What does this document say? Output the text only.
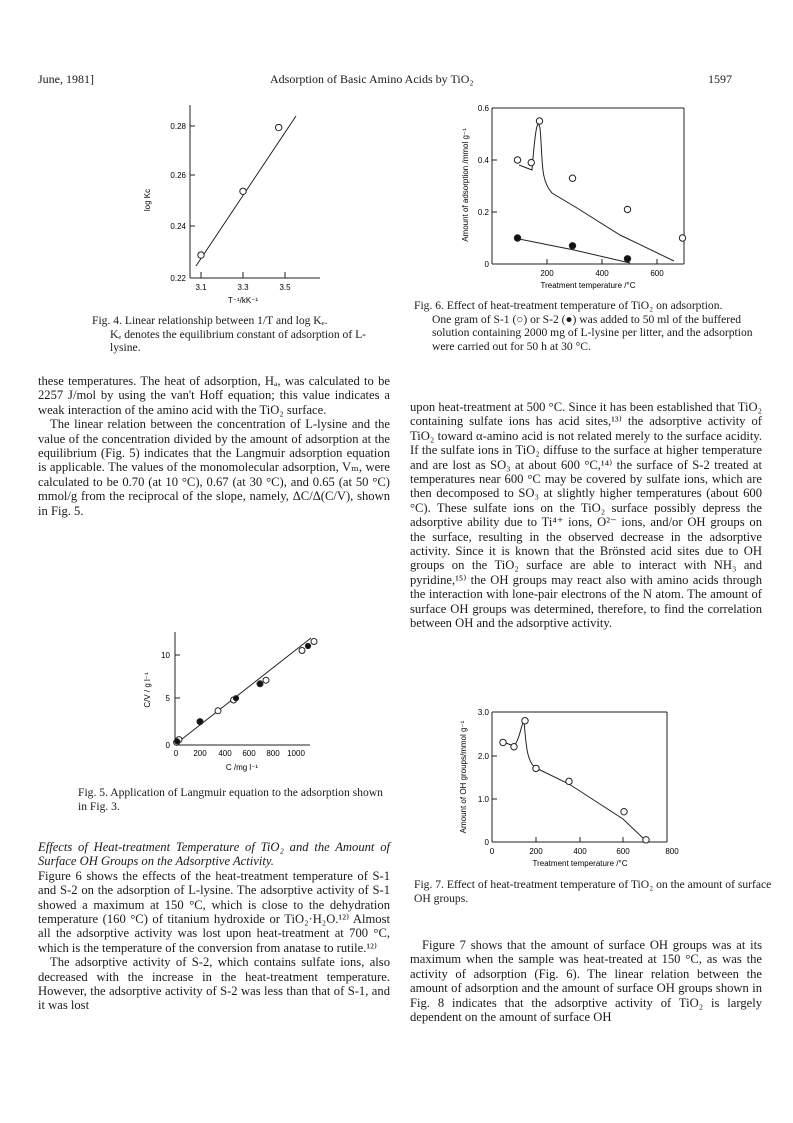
June, 1981]	Adsorption of Basic Amino Acids by TiO₂	1597
0.28
0.26
0.24
0.22
3.1	3.3	3.5
T⁻¹/kK⁻¹
log Kc

Fig. 4. Linear relationship between 1/T and log Kₑ.

Kₑ denotes the equilibrium constant of adsorption of L-lysine.

these temperatures. The heat of adsorption, Hₐ, was calculated to be 2257 J/mol by using the van't Hoff equation; this value indicates a weak interaction of the amino acid with the TiO₂ surface.

The linear relation between the concentration of L-lysine and the value of the concentration divided by the amount of adsorption at the equilibrium (Fig. 5) indicates that the Langmuir adsorption equation is applicable. The values of the monomolecular adsorption, Vₘ, were calculated to be 0.70 (at 10 °C), 0.67 (at 30 °C), and 0.65 (at 50 °C) mmol/g from the reciprocal of the slope, namely, ΔC/Δ(C/V), shown in Fig. 5.

10
5
0
0 200 400 600 800 1000
C /mg l⁻¹
C/V / g l⁻¹

Fig. 5. Application of Langmuir equation to the adsorption shown in Fig. 3.

Effects of Heat-treatment Temperature of TiO₂ and the Amount of Surface OH Groups on the Adsorptive Activity.

Figure 6 shows the effects of the heat-treatment temperature of S-1 and S-2 on the adsorption of L-lysine. The adsorptive activity of S-1 showed a maximum at 150 °C, which is close to the dehydration temperature (160 °C) of titanium hydroxide or TiO₂·H₂O.¹²⁾ Almost all the adsorptive activity was lost upon heat-treatment at 700 °C, which is the temperature of the conversion from anatase to rutile.¹²⁾

The adsorptive activity of S-2, which contains sulfate ions, also decreased with the increase in the heat-treatment temperature. However, the adsorptive activity of S-2 was less than that of S-1, and it was lost

0.6
0.4
0.2
0
200	400	600
Treatment temperature /°C
Amount of adsorption /mmol g⁻¹

Fig. 6. Effect of heat-treatment temperature of TiO₂ on adsorption.

One gram of S-1 (○) or S-2 (●) was added to 50 ml of the buffered solution containing 2000 mg of L-lysine per litter, and the adsorption were carried out for 50 h at 30 °C.

upon heat-treatment at 500 °C. Since it has been established that TiO₂ containing sulfate ions has acid sites,¹³⁾ the adsorptive activity of TiO₂ toward α-amino acid is not related merely to the surface acidity. If the sulfate ions in TiO₂ diffuse to the surface at higher temperature and are lost as SO₃ at about 600 °C,¹⁴⁾ the surface of S-2 treated at temperatures near 600 °C may be covered by sulfate ions, which are then decomposed to SO₃ at slightly higher temperatures (about 600 °C). These sulfate ions on the TiO₂ surface possibly depress the adsorptive ability due to Ti⁴⁺ ions, O²⁻ ions, and/or OH groups on the surface, resulting in the observed decrease in the adsorptive activity. Since it is known that the Brönsted acid sites due to OH groups on the TiO₂ surface are able to interact with NH₃ and pyridine,¹⁵⁾ the OH groups may react also with amino acids through the interaction with lone-pair electrons of the N atom. The amount of surface OH groups was determined, therefore, to find the correlation between OH and the adsorptive activity.

3.0
2.0
1.0
0
0	200	400	600	800
Treatment temperature /°C
Amount of OH groups/mmol g⁻¹

Fig. 7. Effect of heat-treatment temperature of TiO₂ on the amount of surface OH groups.

Figure 7 shows that the amount of surface OH groups was at its maximum when the sample was heat-treated at 150 °C, as was the activity of adsorption (Fig. 6). The linear relation between the amount of adsorption and the amount of surface OH groups shown in Fig. 8 indicates that the adsorptive activity of TiO₂ is largely dependent on the amount of surface OH
